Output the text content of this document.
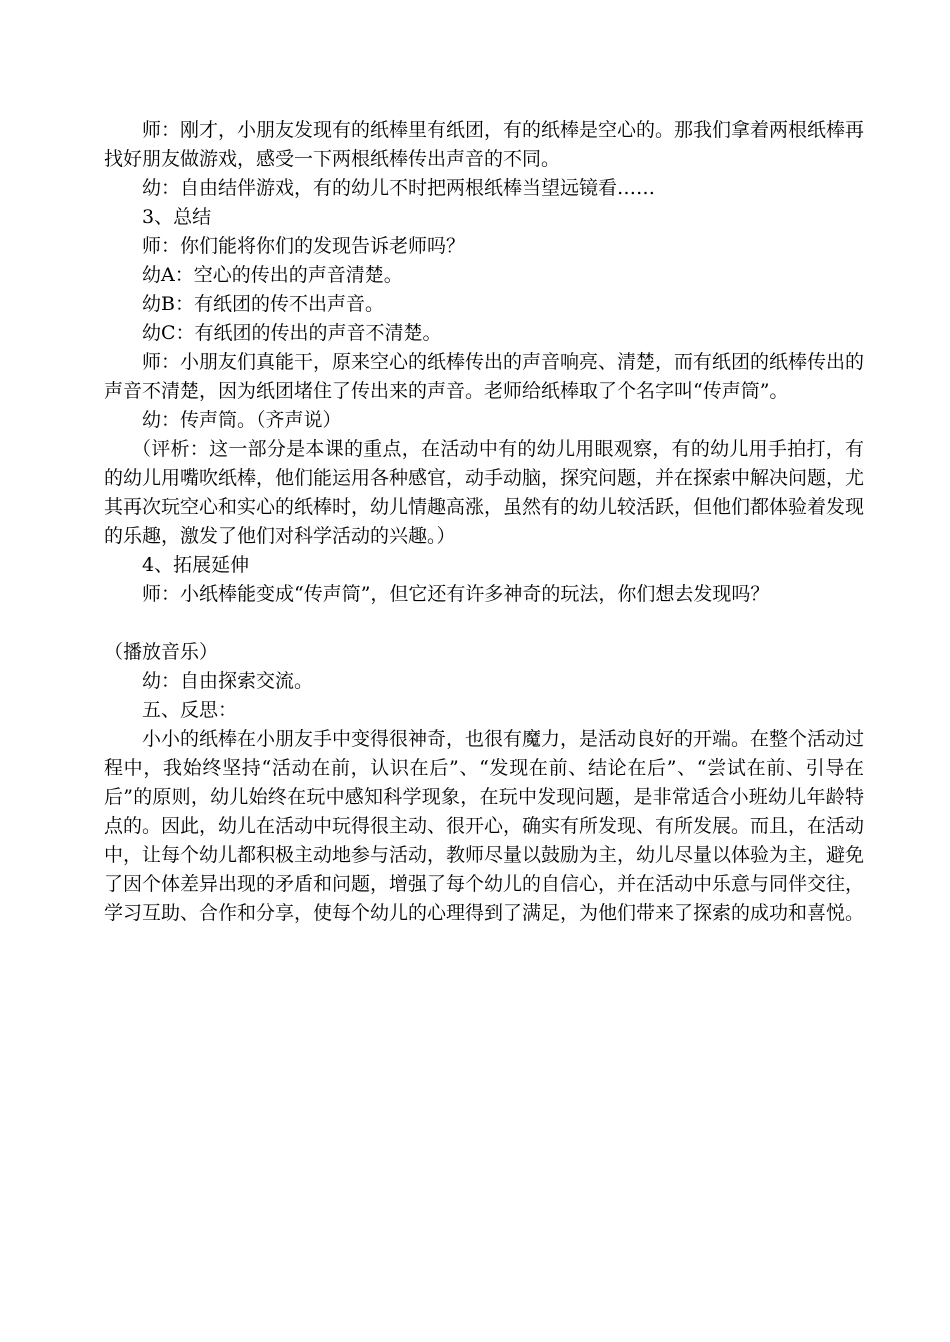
师：刚才，小朋友发现有的纸棒里有纸团，有的纸棒是空心的。那我们拿着两根纸棒再找好朋友做游戏，感受一下两根纸棒传出声音的不同。

幼：自由结伴游戏，有的幼儿不时把两根纸棒当望远镜看……

3、总结

师：你们能将你们的发现告诉老师吗？

幼A：空心的传出的声音清楚。

幼B：有纸团的传不出声音。

幼C：有纸团的传出的声音不清楚。

师：小朋友们真能干，原来空心的纸棒传出的声音响亮、清楚，而有纸团的纸棒传出的声音不清楚，因为纸团堵住了传出来的声音。老师给纸棒取了个名字叫“传声筒”。

幼：传声筒。（齐声说）

（评析：这一部分是本课的重点，在活动中有的幼儿用眼观察，有的幼儿用手拍打，有的幼儿用嘴吹纸棒，他们能运用各种感官，动手动脑，探究问题，并在探索中解决问题，尤其再次玩空心和实心的纸棒时，幼儿情趣高涨，虽然有的幼儿较活跃，但他们都体验着发现的乐趣，激发了他们对科学活动的兴趣。）

4、拓展延伸

师：小纸棒能变成“传声筒”，但它还有许多神奇的玩法，你们想去发现吗？

（播放音乐）

幼：自由探索交流。

五、反思：

小小的纸棒在小朋友手中变得很神奇，也很有魔力，是活动良好的开端。在整个活动过程中，我始终坚持“活动在前，认识在后”、“发现在前、结论在后”、“尝试在前、引导在后”的原则，幼儿始终在玩中感知科学现象，在玩中发现问题，是非常适合小班幼儿年龄特点的。因此，幼儿在活动中玩得很主动、很开心，确实有所发现、有所发展。而且，在活动中，让每个幼儿都积极主动地参与活动，教师尽量以鼓励为主，幼儿尽量以体验为主，避免了因个体差异出现的矛盾和问题，增强了每个幼儿的自信心，并在活动中乐意与同伴交往，学习互助、合作和分享，使每个幼儿的心理得到了满足，为他们带来了探索的成功和喜悦。
